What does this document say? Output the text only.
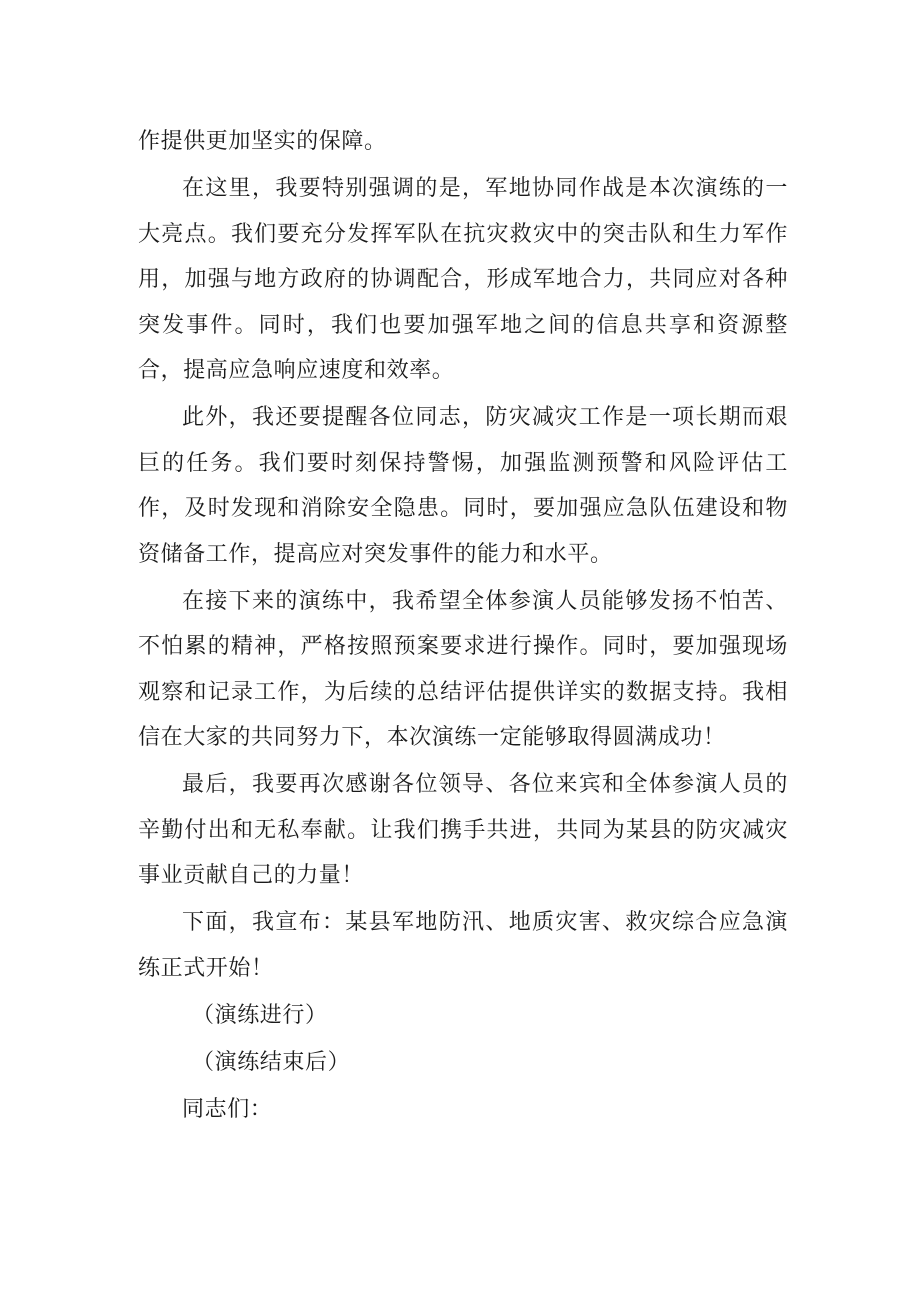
作提供更加坚实的保障。

在这里，我要特别强调的是，军地协同作战是本次演练的一大亮点。我们要充分发挥军队在抗灾救灾中的突击队和生力军作用，加强与地方政府的协调配合，形成军地合力，共同应对各种突发事件。同时，我们也要加强军地之间的信息共享和资源整合，提高应急响应速度和效率。

此外，我还要提醒各位同志，防灾减灾工作是一项长期而艰巨的任务。我们要时刻保持警惕，加强监测预警和风险评估工作，及时发现和消除安全隐患。同时，要加强应急队伍建设和物资储备工作，提高应对突发事件的能力和水平。

在接下来的演练中，我希望全体参演人员能够发扬不怕苦、不怕累的精神，严格按照预案要求进行操作。同时，要加强现场观察和记录工作，为后续的总结评估提供详实的数据支持。我相信在大家的共同努力下，本次演练一定能够取得圆满成功！

最后，我要再次感谢各位领导、各位来宾和全体参演人员的辛勤付出和无私奉献。让我们携手共进，共同为某县的防灾减灾事业贡献自己的力量！

下面，我宣布：某县军地防汛、地质灾害、救灾综合应急演练正式开始！

（演练进行）

（演练结束后）

同志们：
